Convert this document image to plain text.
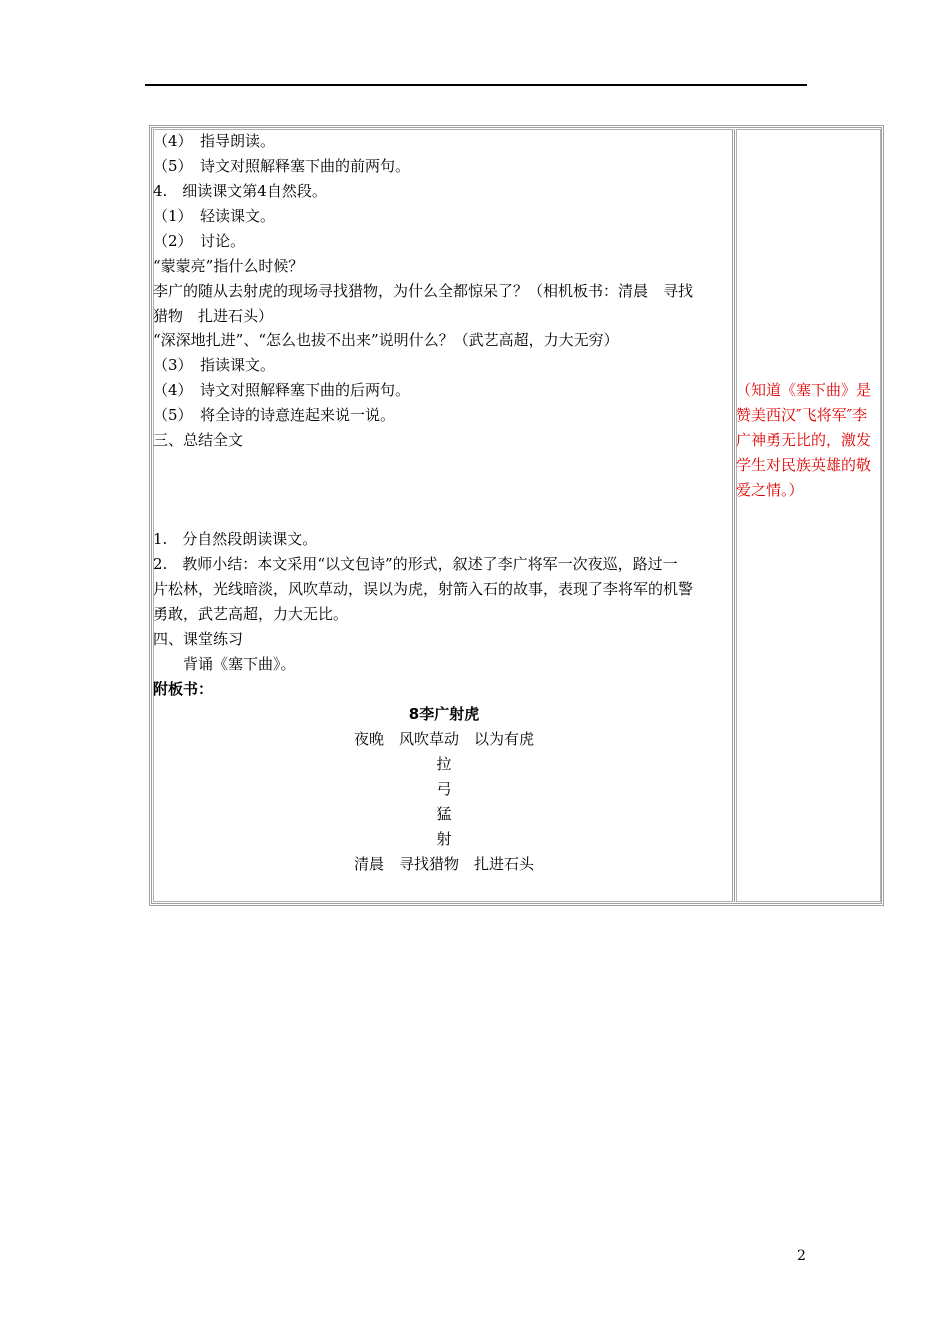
（4）　指导朗读。

（5）　诗文对照解释塞下曲的前两句。

4.　细读课文第4自然段。

（1）　轻读课文。

（2）　讨论。

“蒙蒙亮”指什么时候？

李广的随从去射虎的现场寻找猎物，为什么全都惊呆了？（相机板书：清晨　寻找

猎物　扎进石头）

“深深地扎进”、“怎么也拔不出来”说明什么？（武艺高超，力大无穷）

（3）　指读课文。

（4）　诗文对照解释塞下曲的后两句。

（5）　将全诗的诗意连起来说一说。

三、总结全文

1.　分自然段朗读课文。

2.　教师小结：本文采用“以文包诗”的形式，叙述了李广将军一次夜巡，路过一

片松林，光线暗淡，风吹草动，误以为虎，射箭入石的故事，表现了李将军的机警

勇敢，武艺高超，力大无比。

四、课堂练习

　　背诵《塞下曲》。

附板书：

8李广射虎

夜晚　风吹草动　以为有虎

拉

弓

猛

射

清晨　寻找猎物　扎进石头

（知道《塞下曲》是赞美西汉″飞将军″李广神勇无比的，激发学生对民族英雄的敬爱之情。）

2
